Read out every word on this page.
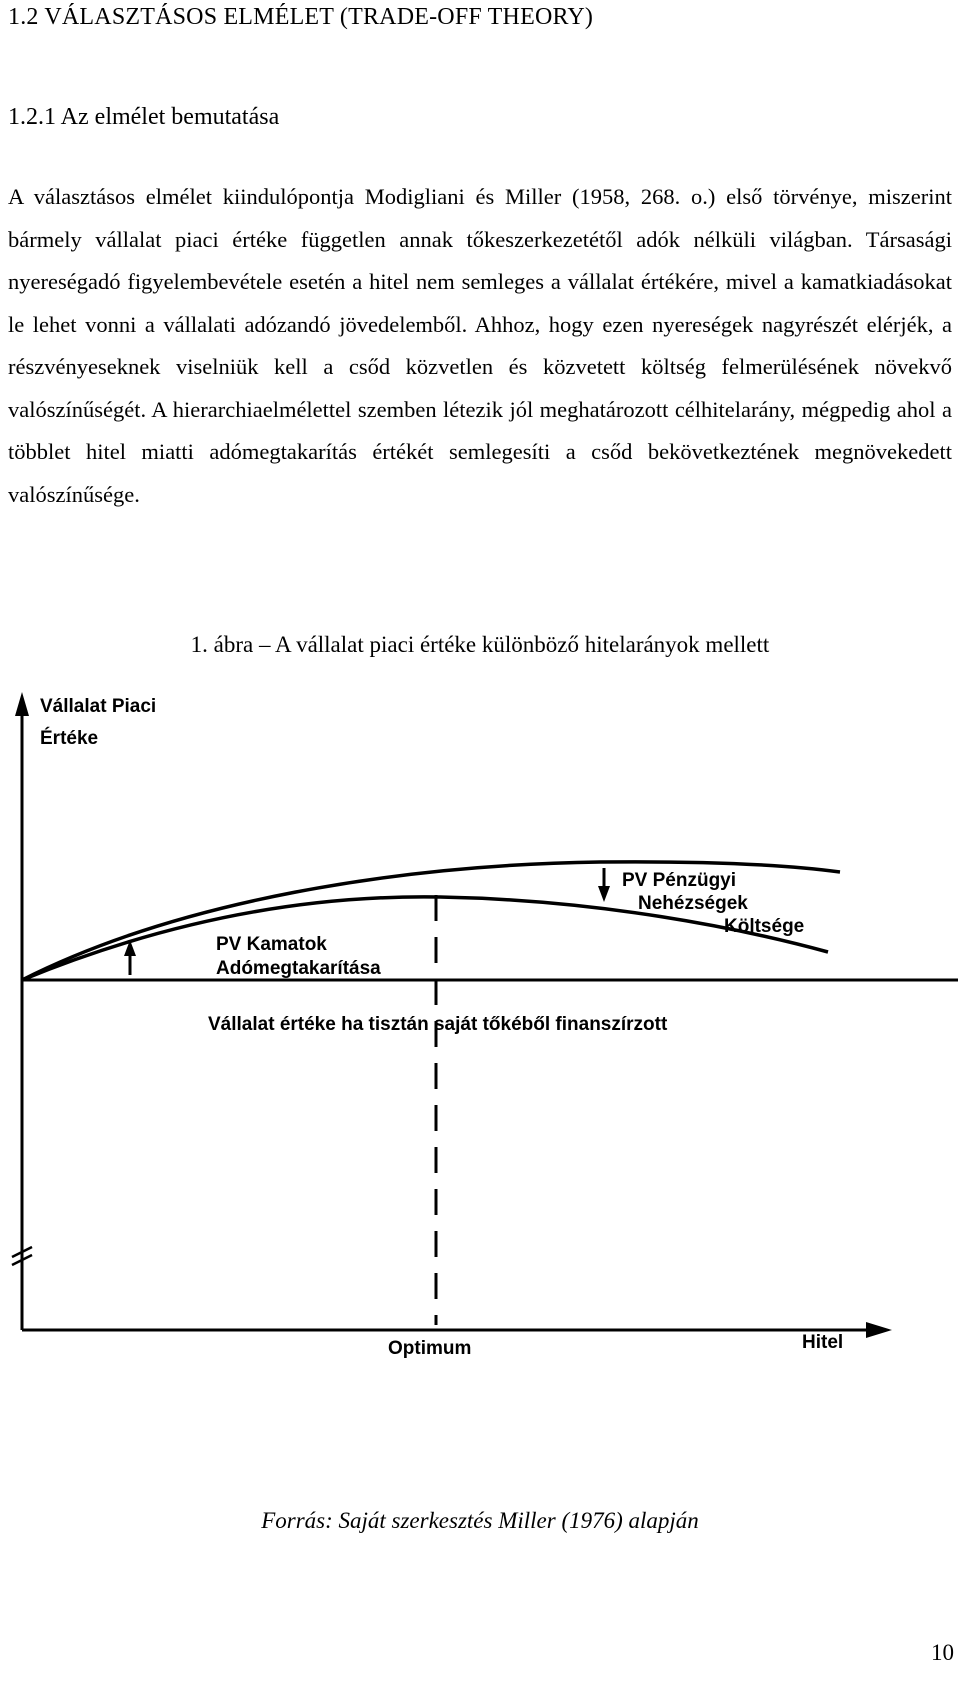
1.2 VÁLASZTÁSOS ELMÉLET (TRADE-OFF THEORY)
1.2.1 Az elmélet bemutatása

A választásos elmélet kiindulópontja Modigliani és Miller (1958, 268. o.) első törvénye, miszerint bármely vállalat piaci értéke független annak tőkeszerkezetétől adók nélküli világban. Társasági nyereségadó figyelembevétele esetén a hitel nem semleges a vállalat értékére, mivel a kamatkiadásokat le lehet vonni a vállalati adózandó jövedelemből. Ahhoz, hogy ezen nyereségek nagyrészét elérjék, a részvényeseknek viselniük kell a csőd közvetlen és közvetett költség felmerülésének növekvő valószínűségét. A hierarchiaelmélettel szemben létezik jól meghatározott célhitelarány, mégpedig ahol a többlet hitel miatti adómegtakarítás értékét semlegesíti a csőd bekövetkeztének megnövekedett valószínűsége.

1. ábra – A vállalat piaci értéke különböző hitelarányok mellett

Vállalat Piaci
Értéke
PV Pénzügyi
Nehézségek
Költsége
PV Kamatok
Adómegtakarítása
Vállalat értéke ha tisztán saját tőkéből finanszírzott
Optimum	Hitel

Forrás: Saját szerkesztés Miller (1976) alapján

10
